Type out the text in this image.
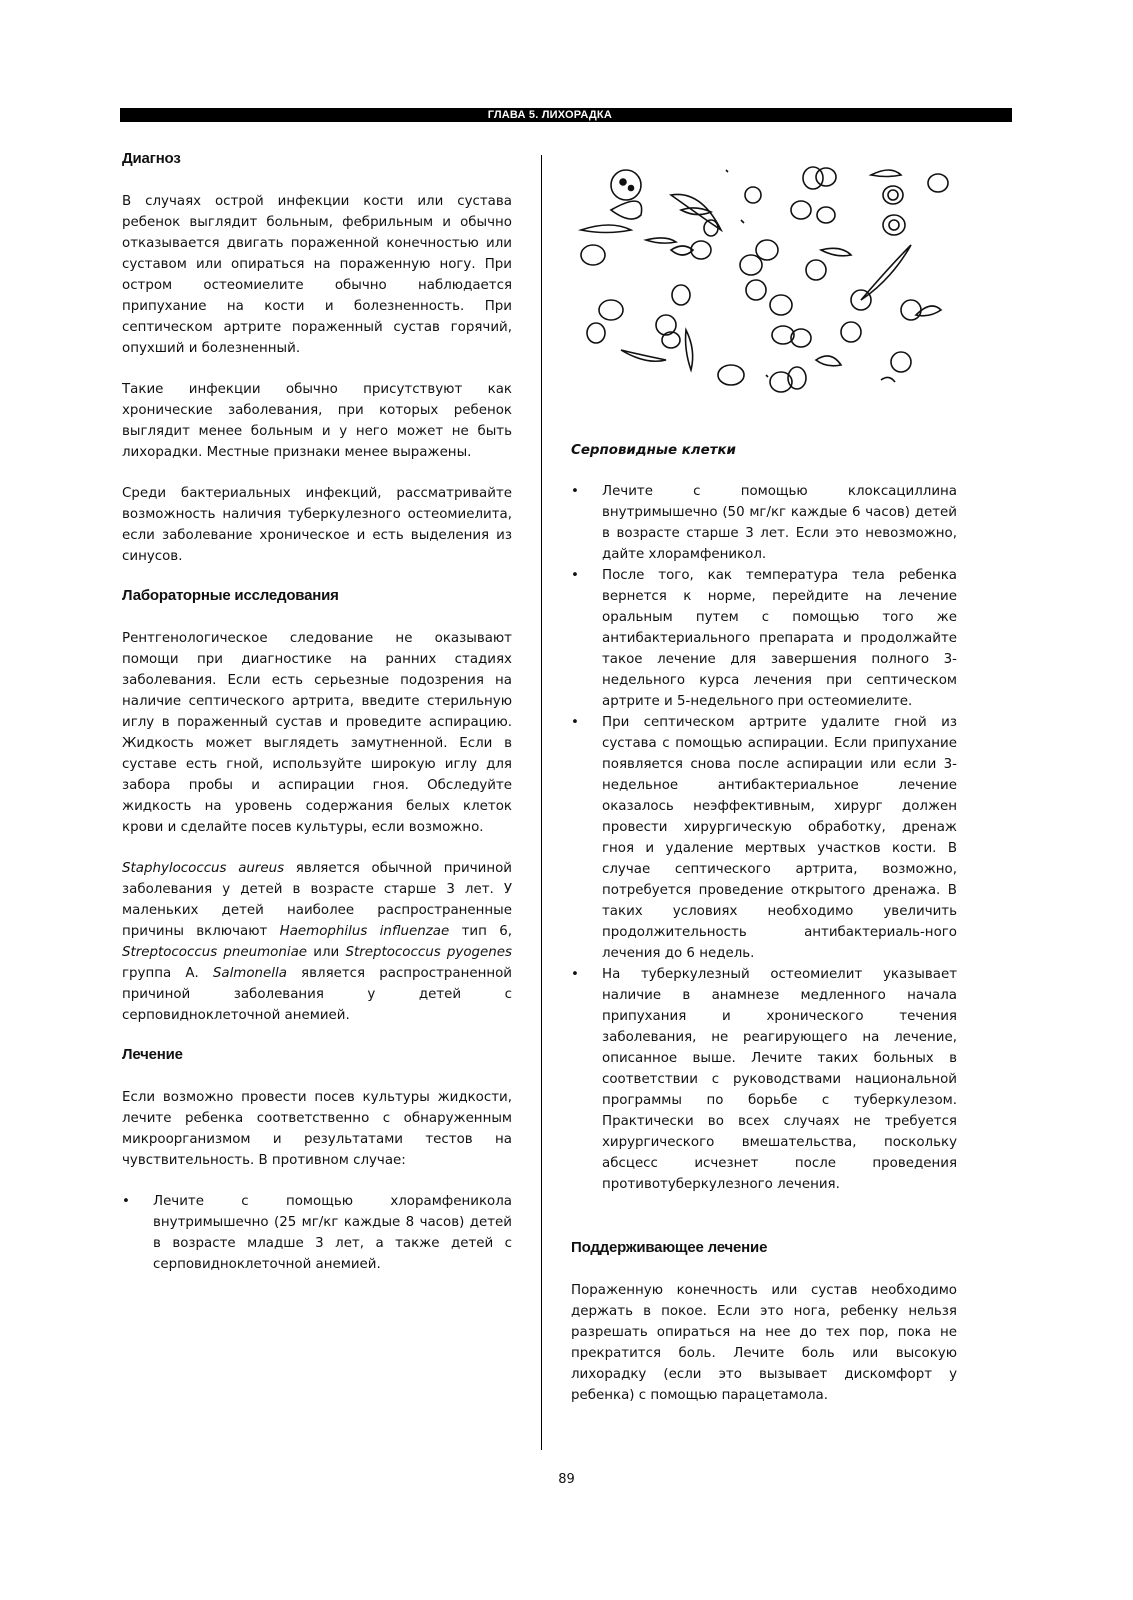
ГЛАВА 5. ЛИХОРАДКА
Диагноз

В случаях острой инфекции кости или сустава ребенок выглядит больным, фебрильным и обычно отказывается двигать пораженной конечностью или суставом или опираться на пораженную ногу. При остром остеомиелите обычно наблюдается припухание на кости и болезненность. При септическом артрите пораженный сустав горячий, опухший и болезненный.

Такие инфекции обычно присутствуют как хронические заболевания, при которых ребенок выглядит менее больным и у него может не быть лихорадки. Местные признаки менее выражены.

Среди бактериальных инфекций, рассматривайте возможность наличия туберкулезного остеомиелита, если заболевание хроническое и есть выделения из синусов.

Лабораторные исследования

Рентгенологическое следование не оказывают помощи при диагностике на ранних стадиях заболевания. Если есть серьезные подозрения на наличие септического артрита, введите стерильную иглу в пораженный сустав и проведите аспирацию. Жидкость может выглядеть замутненной. Если в суставе есть гной, используйте широкую иглу для забора пробы и аспирации гноя. Обследуйте жидкость на уровень содержания белых клеток крови и сделайте посев культуры, если возможно.

Staphylococcus aureus является обычной причиной заболевания у детей в возрасте старше 3 лет. У маленьких детей наиболее распространенные причины включают Haemophilus influenzae тип 6, Streptococcus pneumoniae или Streptococcus pyogenes группа А. Salmonella является распространенной причиной заболевания у детей с серповидноклеточной анемией.

Лечение

Если возможно провести посев культуры жидкости, лечите ребенка соответственно с обнаруженным микроорганизмом и результатами тестов на чувствительность. В противном случае:

• Лечите с помощью хлорамфеникола внутримышечно (25 мг/кг каждые 8 часов) детей в возрасте младше 3 лет, а также детей с серповидноклеточной анемией.
Серповидные клетки
• Лечите с помощью клоксациллина внутримышечно (50 мг/кг каждые 6 часов) детей в возрасте старше 3 лет. Если это невозможно, дайте хлорамфеникол.
• После того, как температура тела ребенка вернется к норме, перейдите на лечение оральным путем с помощью того же антибактериального препарата и продолжайте такое лечение для завершения полного 3-недельного курса лечения при септическом артрите и 5-недельного при остеомиелите.
• При септическом артрите удалите гной из сустава с помощью аспирации. Если припухание появляется снова после аспирации или если 3-недельное антибактериальное лечение оказалось неэффективным, хирург должен провести хирургическую обработку, дренаж гноя и удаление мертвых участков кости. В случае септического артрита, возможно, потребуется проведение открытого дренажа. В таких условиях необходимо увеличить продолжительность антибактериаль-ного лечения до 6 недель.
• На туберкулезный остеомиелит указывает наличие в анамнезе медленного начала припухания и хронического течения заболевания, не реагирующего на лечение, описанное выше. Лечите таких больных в соответствии с руководствами национальной программы по борьбе с туберкулезом. Практически во всех случаях не требуется хирургического вмешательства, поскольку абсцесс исчезнет после проведения противотуберкулезного лечения.
Поддерживающее лечение

Пораженную конечность или сустав необходимо держать в покое. Если это нога, ребенку нельзя разрешать опираться на нее до тех пор, пока не прекратится боль. Лечите боль или высокую лихорадку (если это вызывает дискомфорт у ребенка) с помощью парацетамола.

89
